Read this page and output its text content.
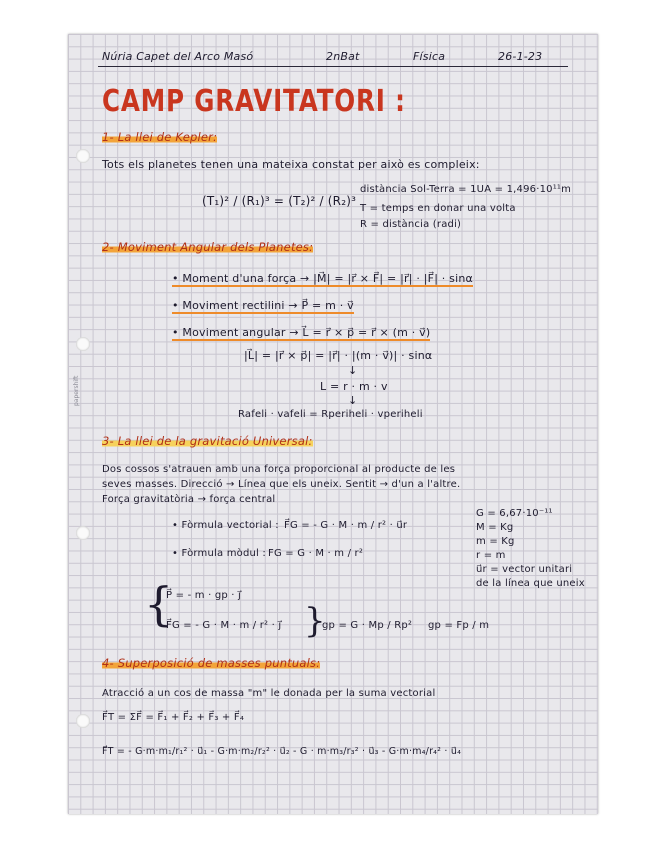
papershift
Núria Capet del Arco Masó	2nBat	Física	26-1-23
CAMP GRAVITATORI :
1- La llei de Kepler:
Tots els planetes tenen una mateixa constat per això es compleix:
(T₁)² / (R₁)³ = (T₂)² / (R₂)³
distància Sol-Terra = 1UA = 1,496·10¹¹m
T = temps en donar una volta
R = distància (radi)
2- Moviment Angular dels Planetes:
• Moment d'una força → |M⃗| = |r⃗ × F⃗| = |r⃗| · |F⃗| · sinα
• Moviment rectilini → P⃗ = m · v⃗
• Moviment angular → L⃗ = r⃗ × p⃗ = r⃗ × (m · v⃗)
|L⃗| = |r⃗ × p⃗| = |r⃗| · |(m · v⃗)| · sinα
↓
L = r · m · v
↓
Rafeli · vafeli = Rperiheli · vperiheli
3- La llei de la gravitació Universal:
Dos cossos s'atrauen amb una força proporcional al producte de les
seves masses. Direcció → Línea que els uneix. Sentit → d'un a l'altre.
Força gravitatòria → força central
• Fòrmula vectorial : F⃗G = - G · M · m / r² · u⃗r
• Fòrmula mòdul : FG = G · M · m / r²
G = 6,67·10⁻¹¹
M = Kg
m = Kg
r = m
u⃗r = vector unitari
de la línea que uneix
{
P⃗ = - m · gp · j⃗
F⃗G = - G · M · m / r² · j⃗ }
gp = G · Mp / Rp² gp = Fp / m
4- Superposició de masses puntuals:
Atracció a un cos de massa "m" le donada per la suma vectorial
F⃗T = ΣF⃗ = F⃗₁ + F⃗₂ + F⃗₃ + F⃗₄
F⃗T = - G·m·m₁/r₁² · u⃗₁ - G·m·m₂/r₂² · u⃗₂ - G · m·m₃/r₃² · u⃗₃ - G·m·m₄/r₄² · u⃗₄
